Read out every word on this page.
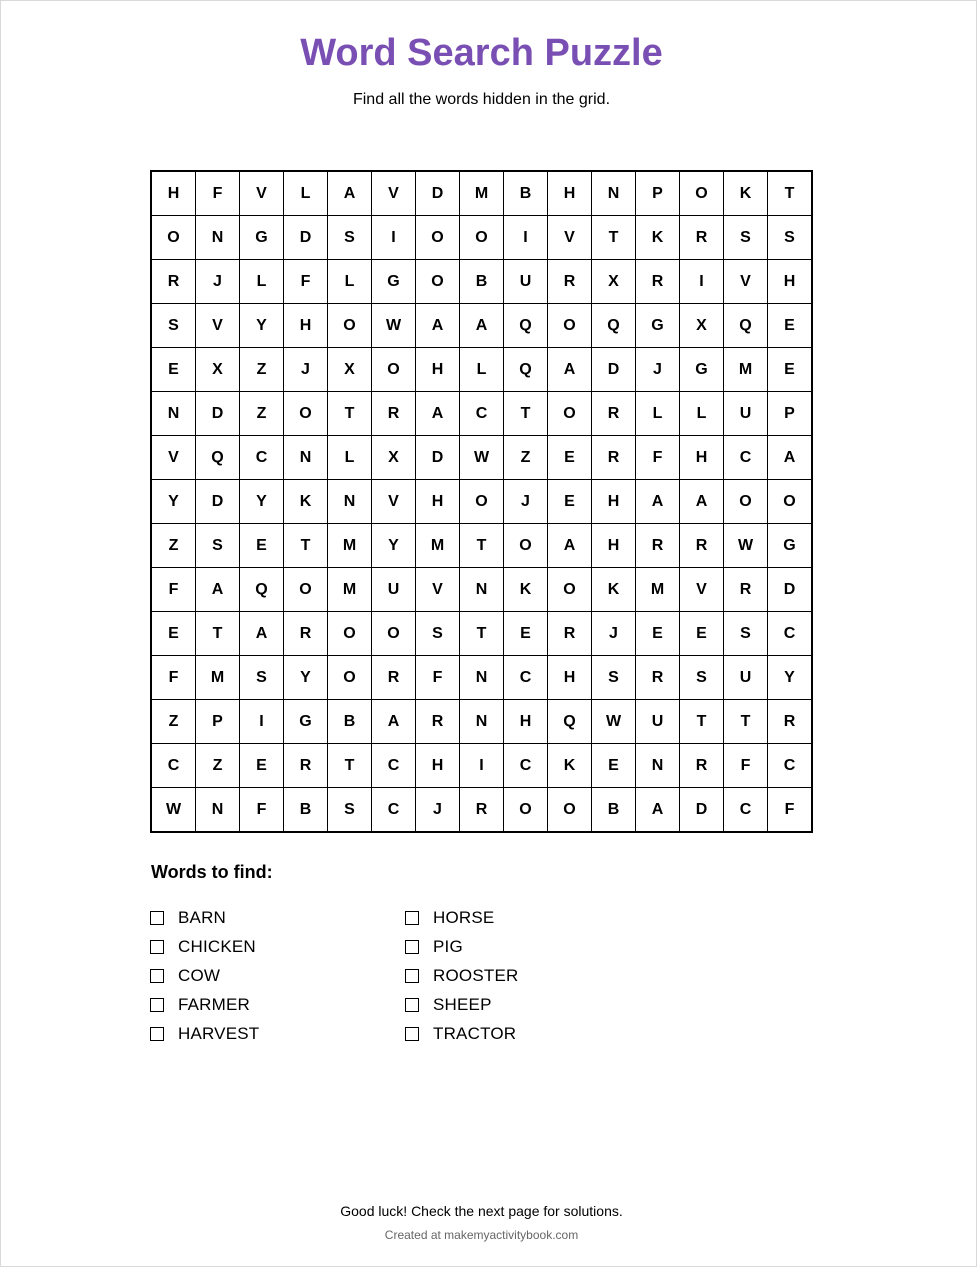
Word Search Puzzle
Find all the words hidden in the grid.
H	F	V	L	A	V	D	M	B	H	N	P	O	K	T
O	N	G	D	S	I	O	O	I	V	T	K	R	S	S
R	J	L	F	L	G	O	B	U	R	X	R	I	V	H
S	V	Y	H	O	W	A	A	Q	O	Q	G	X	Q	E
E	X	Z	J	X	O	H	L	Q	A	D	J	G	M	E
N	D	Z	O	T	R	A	C	T	O	R	L	L	U	P
V	Q	C	N	L	X	D	W	Z	E	R	F	H	C	A
Y	D	Y	K	N	V	H	O	J	E	H	A	A	O	O
Z	S	E	T	M	Y	M	T	O	A	H	R	R	W	G
F	A	Q	O	M	U	V	N	K	O	K	M	V	R	D
E	T	A	R	O	O	S	T	E	R	J	E	E	S	C
F	M	S	Y	O	R	F	N	C	H	S	R	S	U	Y
Z	P	I	G	B	A	R	N	H	Q	W	U	T	T	R
C	Z	E	R	T	C	H	I	C	K	E	N	R	F	C
W	N	F	B	S	C	J	R	O	O	B	A	D	C	F
Words to find:
BARN
CHICKEN
COW
FARMER
HARVEST
HORSE
PIG
ROOSTER
SHEEP
TRACTOR
Good luck! Check the next page for solutions.
Created at makemyactivitybook.com
